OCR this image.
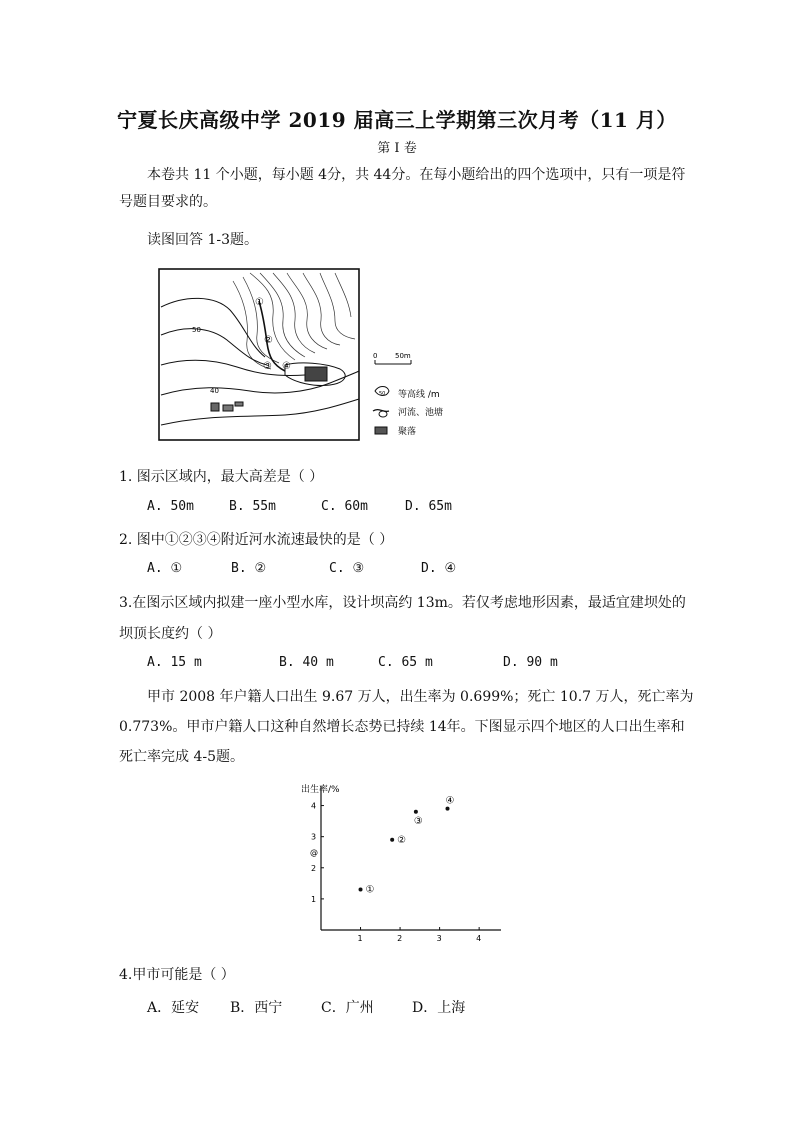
宁夏长庆高级中学 2019 届高三上学期第三次月考（11 月）
第 I 卷
本卷共 11 个小题，每小题 4分，共 44分。在每小题给出的四个选项中，只有一项是符
号题目要求的。
读图回答 1-3题。
50
40
①
②
③ ④
0	50m
50 等高线 /m
河流、池塘
聚落
1. 图示区域内，最大高差是（ ）
A. 50m	B. 55m	C. 60m	D. 65m
2. 图中①②③④附近河水流速最快的是（ ）
A. ①	B. ②	C. ③	D. ④
3.在图示区域内拟建一座小型水库，设计坝高约 13m。若仅考虑地形因素，最适宜建坝处的
坝顶长度约（ ）
A. 15 m	B. 40 m	C. 65 m	D. 90 m
甲市 2008 年户籍人口出生 9.67 万人，出生率为 0.699%；死亡 10.7 万人，死亡率为
0.773%。甲市户籍人口这种自然增长态势已持续 14年。下图显示四个地区的人口出生率和
死亡率完成 4-5题。
出生率/%
1	2	3	4
1
2
3
4
@
①
②
③
④
4.甲市可能是（ ）
A．延安 B．西宁	C．广州	D．上海
